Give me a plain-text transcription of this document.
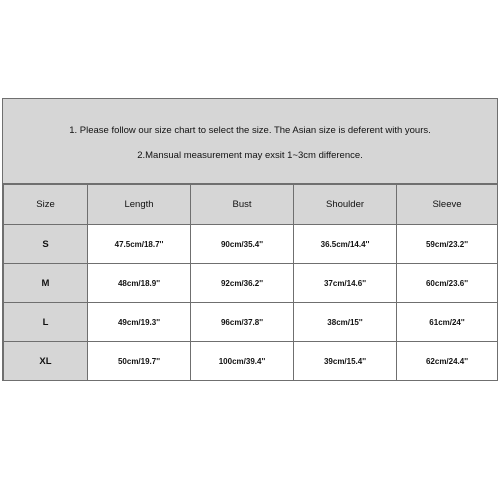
1. Please follow our size chart to select the size. The Asian size is deferent with yours.
2.Mansual measurement may exsit 1~3cm difference.
Size	Length	Bust	Shoulder	Sleeve
S	47.5cm/18.7''	90cm/35.4''	36.5cm/14.4''	59cm/23.2''
M	48cm/18.9''	92cm/36.2''	37cm/14.6''	60cm/23.6''
L	49cm/19.3''	96cm/37.8''	38cm/15''	61cm/24''
XL	50cm/19.7''	100cm/39.4''	39cm/15.4''	62cm/24.4''
